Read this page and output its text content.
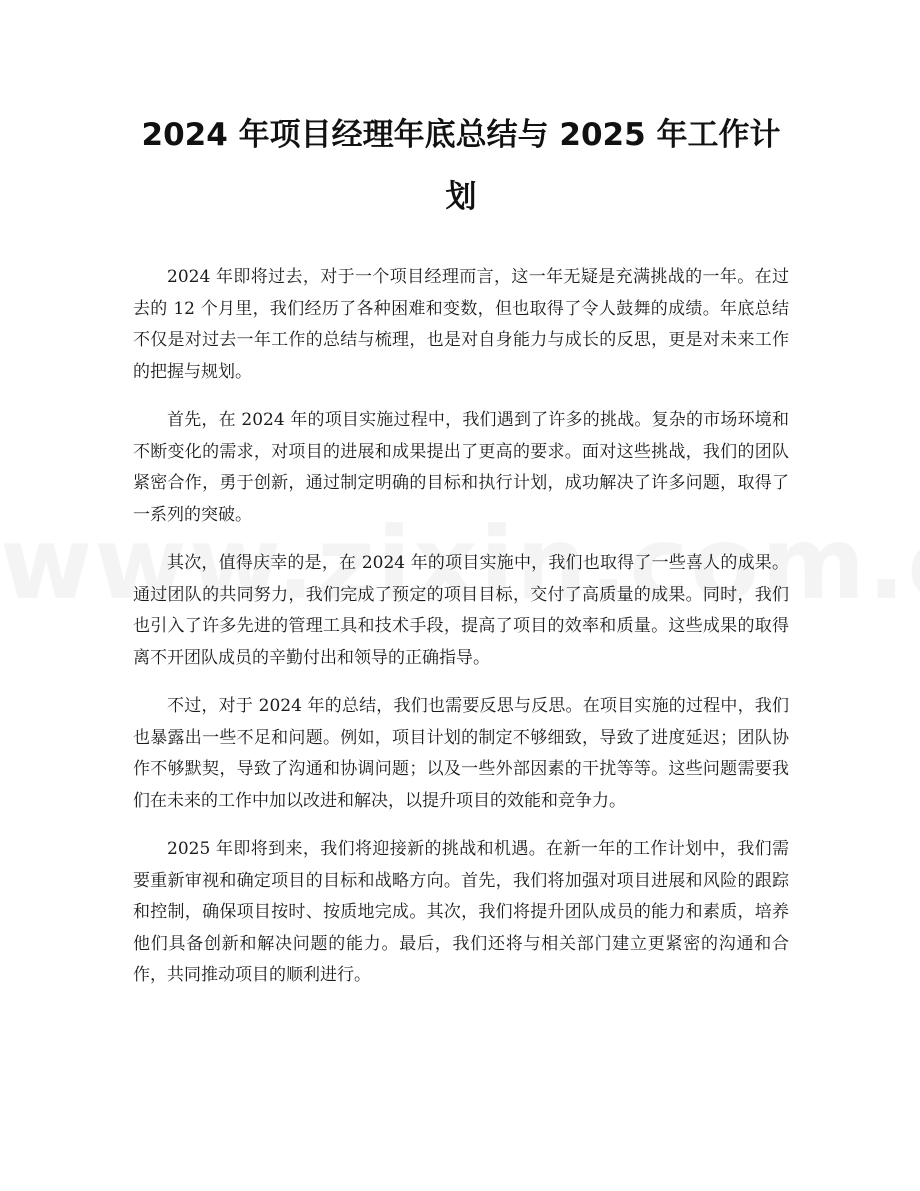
2024 年项目经理年底总结与 2025 年工作计划

2024 年即将过去，对于一个项目经理而言，这一年无疑是充满挑战的一年。在过去的 12 个月里，我们经历了各种困难和变数，但也取得了令人鼓舞的成绩。年底总结不仅是对过去一年工作的总结与梳理，也是对自身能力与成长的反思，更是对未来工作的把握与规划。

首先，在 2024 年的项目实施过程中，我们遇到了许多的挑战。复杂的市场环境和不断变化的需求，对项目的进展和成果提出了更高的要求。面对这些挑战，我们的团队紧密合作，勇于创新，通过制定明确的目标和执行计划，成功解决了许多问题，取得了一系列的突破。

其次，值得庆幸的是，在 2024 年的项目实施中，我们也取得了一些喜人的成果。通过团队的共同努力，我们完成了预定的项目目标，交付了高质量的成果。同时，我们也引入了许多先进的管理工具和技术手段，提高了项目的效率和质量。这些成果的取得离不开团队成员的辛勤付出和领导的正确指导。

不过，对于 2024 年的总结，我们也需要反思与反思。在项目实施的过程中，我们也暴露出一些不足和问题。例如，项目计划的制定不够细致，导致了进度延迟；团队协作不够默契，导致了沟通和协调问题；以及一些外部因素的干扰等等。这些问题需要我们在未来的工作中加以改进和解决，以提升项目的效能和竞争力。

2025 年即将到来，我们将迎接新的挑战和机遇。在新一年的工作计划中，我们需要重新审视和确定项目的目标和战略方向。首先，我们将加强对项目进展和风险的跟踪和控制，确保项目按时、按质地完成。其次，我们将提升团队成员的能力和素质，培养他们具备创新和解决问题的能力。最后，我们还将与相关部门建立更紧密的沟通和合作，共同推动项目的顺利进行。
